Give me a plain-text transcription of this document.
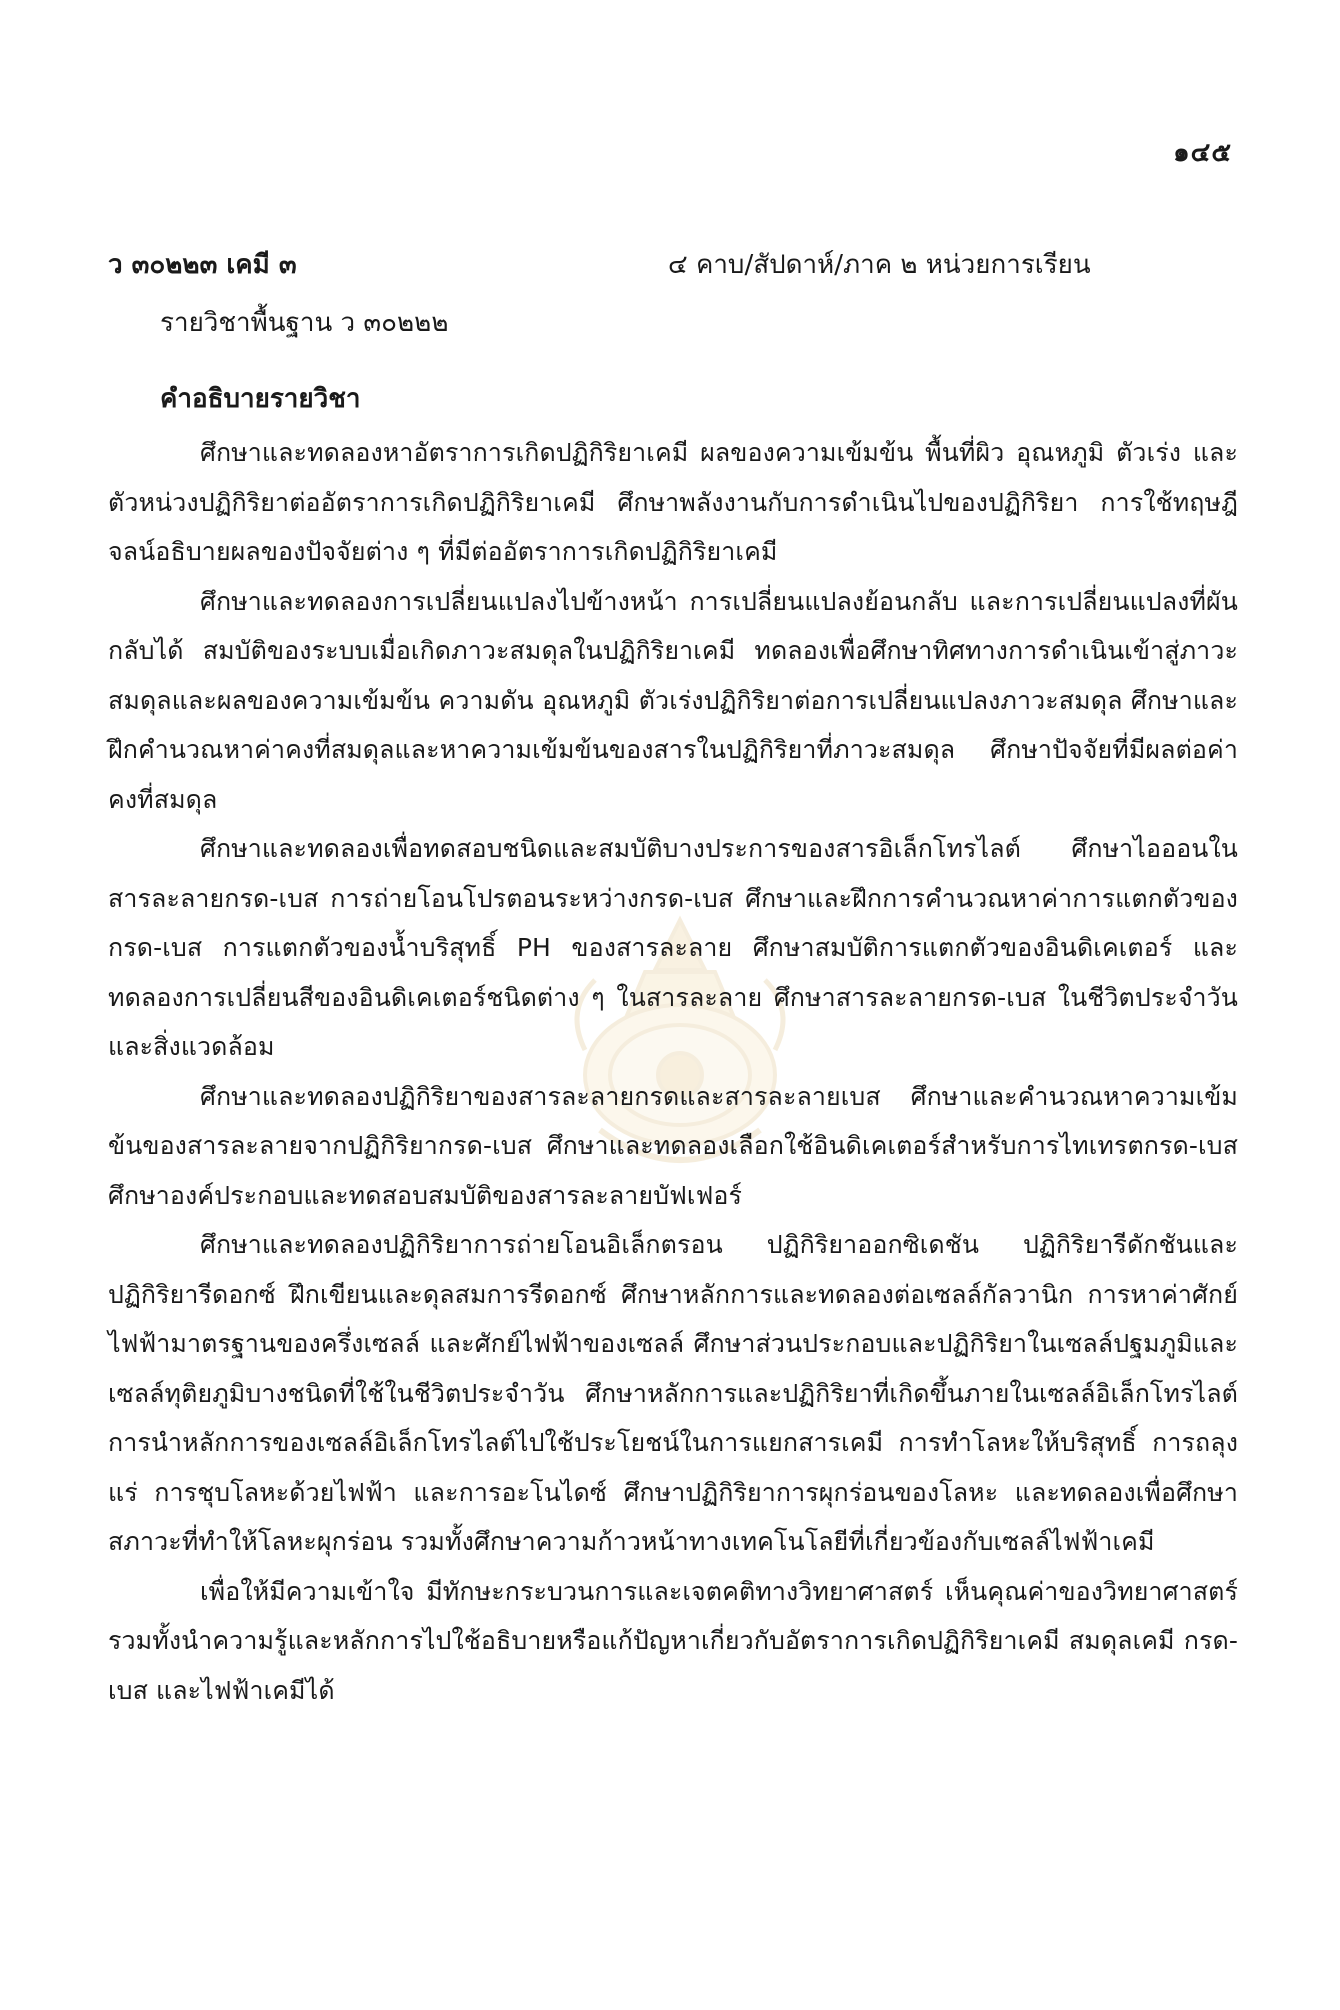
๑๔๕
ว ๓๐๒๒๓ เคมี ๓	๔ คาบ/สัปดาห์/ภาค ๒ หน่วยการเรียน
รายวิชาพื้นฐาน ว ๓๐๒๒๒
คำอธิบายรายวิชา

ศึกษาและทดลองหาอัตราการเกิดปฏิกิริยาเคมี ผลของความเข้มข้น พื้นที่ผิว อุณหภูมิ ตัวเร่ง และตัวหน่วงปฏิกิริยาต่ออัตราการเกิดปฏิกิริยาเคมี ศึกษาพลังงานกับการดำเนินไปของปฏิกิริยา การใช้ทฤษฎีจลน์อธิบายผลของปัจจัยต่าง ๆ ที่มีต่ออัตราการเกิดปฏิกิริยาเคมี

ศึกษาและทดลองการเปลี่ยนแปลงไปข้างหน้า การเปลี่ยนแปลงย้อนกลับ และการเปลี่ยนแปลงที่ผันกลับได้ สมบัติของระบบเมื่อเกิดภาวะสมดุลในปฏิกิริยาเคมี ทดลองเพื่อศึกษาทิศทางการดำเนินเข้าสู่ภาวะสมดุลและผลของความเข้มข้น ความดัน อุณหภูมิ ตัวเร่งปฏิกิริยาต่อการเปลี่ยนแปลงภาวะสมดุล ศึกษาและฝึกคำนวณหาค่าคงที่สมดุลและหาความเข้มข้นของสารในปฏิกิริยาที่ภาวะสมดุล ศึกษาปัจจัยที่มีผลต่อค่าคงที่สมดุล

ศึกษาและทดลองเพื่อทดสอบชนิดและสมบัติบางประการของสารอิเล็กโทรไลต์ ศึกษาไอออนในสารละลายกรด-เบส การถ่ายโอนโปรตอนระหว่างกรด-เบส ศึกษาและฝึกการคำนวณหาค่าการแตกตัวของกรด-เบส การแตกตัวของน้ำบริสุทธิ์ PH ของสารละลาย ศึกษาสมบัติการแตกตัวของอินดิเคเตอร์ และทดลองการเปลี่ยนสีของอินดิเคเตอร์ชนิดต่าง ๆ ในสารละลาย ศึกษาสารละลายกรด-เบส ในชีวิตประจำวันและสิ่งแวดล้อม

ศึกษาและทดลองปฏิกิริยาของสารละลายกรดและสารละลายเบส ศึกษาและคำนวณหาความเข้มข้นของสารละลายจากปฏิกิริยากรด-เบส ศึกษาและทดลองเลือกใช้อินดิเคเตอร์สำหรับการไทเทรตกรด-เบส ศึกษาองค์ประกอบและทดสอบสมบัติของสารละลายบัฟเฟอร์

ศึกษาและทดลองปฏิกิริยาการถ่ายโอนอิเล็กตรอน ปฏิกิริยาออกซิเดชัน ปฏิกิริยารีดักชันและปฏิกิริยารีดอกซ์ ฝึกเขียนและดุลสมการรีดอกซ์ ศึกษาหลักการและทดลองต่อเซลล์กัลวานิก การหาค่าศักย์ไฟฟ้ามาตรฐานของครึ่งเซลล์ และศักย์ไฟฟ้าของเซลล์ ศึกษาส่วนประกอบและปฏิกิริยาในเซลล์ปฐมภูมิและเซลล์ทุติยภูมิบางชนิดที่ใช้ในชีวิตประจำวัน ศึกษาหลักการและปฏิกิริยาที่เกิดขึ้นภายในเซลล์อิเล็กโทรไลต์ การนำหลักการของเซลล์อิเล็กโทรไลต์ไปใช้ประโยชน์ในการแยกสารเคมี การทำโลหะให้บริสุทธิ์ การถลุงแร่ การชุบโลหะด้วยไฟฟ้า และการอะโนไดซ์ ศึกษาปฏิกิริยาการผุกร่อนของโลหะ และทดลองเพื่อศึกษาสภาวะที่ทำให้โลหะผุกร่อน รวมทั้งศึกษาความก้าวหน้าทางเทคโนโลยีที่เกี่ยวข้องกับเซลล์ไฟฟ้าเคมี

เพื่อให้มีความเข้าใจ มีทักษะกระบวนการและเจตคติทางวิทยาศาสตร์ เห็นคุณค่าของวิทยาศาสตร์ รวมทั้งนำความรู้และหลักการไปใช้อธิบายหรือแก้ปัญหาเกี่ยวกับอัตราการเกิดปฏิกิริยาเคมี สมดุลเคมี กรด-เบส และไฟฟ้าเคมีได้
